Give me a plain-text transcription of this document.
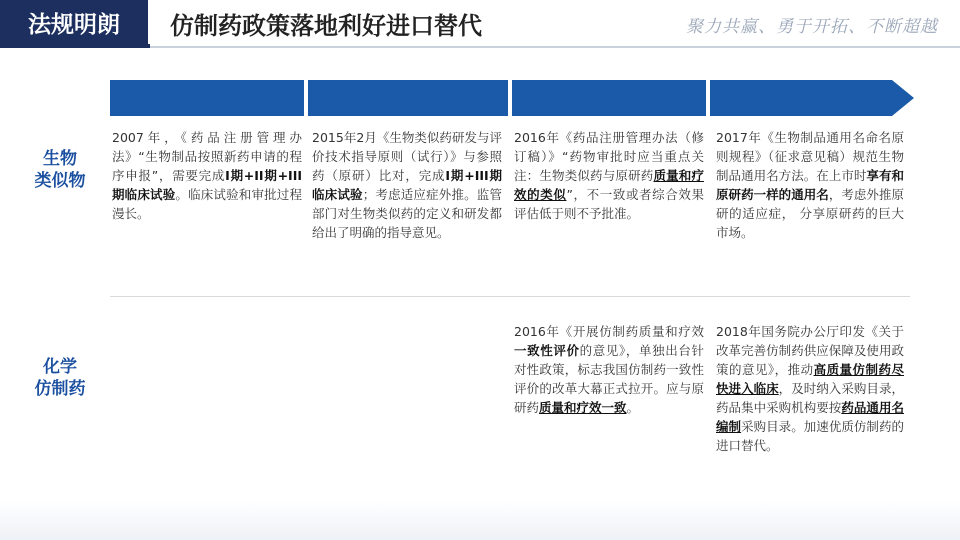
法规明朗	仿制药政策落地利好进口替代	聚力共赢、勇于开拓、不断超越
生物
类似物
化学
仿制药
2007年，《药品注册管理办法》“生物制品按照新药申请的程序申报”，需要完成I期+II期+III期临床试验。临床试验和审批过程漫长。
2015年2月《生物类似药研发与评价技术指导原则（试行）》与参照药（原研）比对，完成I期+III期临床试验；考虑适应症外推。监管部门对生物类似药的定义和研发都给出了明确的指导意见。
2016年《药品注册管理办法（修订稿）》“药物审批时应当重点关注：生物类似药与原研药质量和疗效的类似”，不一致或者综合效果评估低于则不予批准。
2017年《生物制品通用名命名原则规程》（征求意见稿）规范生物制品通用名方法。在上市时享有和原研药一样的通用名，考虑外推原研的适应症， 分享原研药的巨大市场。
2016年《开展仿制药质量和疗效一致性评价的意见》，单独出台针对性政策，标志我国仿制药一致性评价的改革大幕正式拉开。应与原研药质量和疗效一致。
2018年国务院办公厅印发《关于改革完善仿制药供应保障及使用政策的意见》，推动高质量仿制药尽快进入临床，及时纳入采购目录，药品集中采购机构要按药品通用名编制采购目录。加速优质仿制药的进口替代。
